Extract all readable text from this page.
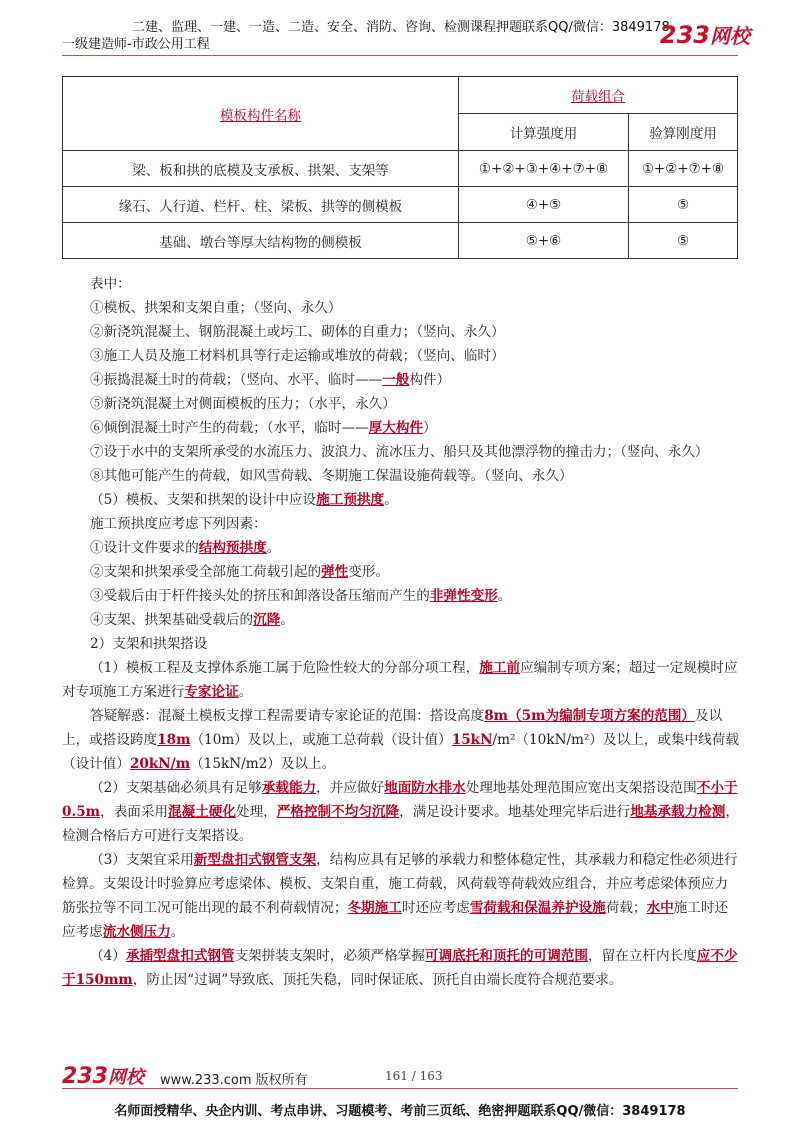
二建、监理、一建、一造、二造、安全、消防、咨询、检测课程押题联系QQ/微信：3849178
一级建造师-市政公用工程	233网校
模板构件名称	荷载组合	
	计算强度用	验算刚度用
梁、板和拱的底模及支承板、拱架、支架等	①+②+③+④+⑦+⑧	①+②+⑦+⑧
缘石、人行道、栏杆、柱、梁板、拱等的侧模板	④+⑤	⑤
基础、墩台等厚大结构物的侧模板	⑤+⑥	⑤

表中：

①模板、拱架和支架自重；（竖向、永久）

②新浇筑混凝土、钢筋混凝土或圬工、砌体的自重力；（竖向、永久）

③施工人员及施工材料机具等行走运输或堆放的荷载；（竖向、临时）

④振捣混凝土时的荷载；（竖向、水平、临时——一般构件）

⑤新浇筑混凝土对侧面模板的压力；（水平，永久）

⑥倾倒混凝土时产生的荷载；（水平，临时——厚大构件）

⑦设于水中的支架所承受的水流压力、波浪力、流冰压力、船只及其他漂浮物的撞击力；（竖向、永久）

⑧其他可能产生的荷载，如风雪荷载、冬期施工保温设施荷载等。（竖向、永久）

（5）模板、支架和拱架的设计中应设施工预拱度。

施工预拱度应考虑下列因素：

①设计文件要求的结构预拱度。

②支架和拱架承受全部施工荷载引起的弹性变形。

③受载后由于杆件接头处的挤压和卸落设备压缩而产生的非弹性变形。

④支架、拱架基础受载后的沉降。

2）支架和拱架搭设

（1）模板工程及支撑体系施工属于危险性较大的分部分项工程，施工前应编制专项方案；超过一定规模时应对专项施工方案进行专家论证。

答疑解惑：混凝土模板支撑工程需要请专家论证的范围：搭设高度8m（5m为编制专项方案的范围）及以上，或搭设跨度18m（10m）及以上，或施工总荷载（设计值）15kN/m²（10kN/m²）及以上，或集中线荷载（设计值）20kN/m（15kN/m2）及以上。

（2）支架基础必须具有足够承载能力，并应做好地面防水排水处理地基处理范围应宽出支架搭设范围不小于0.5m，表面采用混凝土硬化处理，严格控制不均匀沉降，满足设计要求。地基处理完毕后进行地基承载力检测，检测合格后方可进行支架搭设。

（3）支架宜采用新型盘扣式钢管支架，结构应具有足够的承载力和整体稳定性，其承载力和稳定性必须进行检算。支架设计时验算应考虑梁体、模板、支架自重，施工荷载，风荷载等荷载效应组合，并应考虑梁体预应力筋张拉等不同工况可能出现的最不利荷载情况；冬期施工时还应考虑雪荷载和保温养护设施荷载；水中施工时还应考虑流水侧压力。

（4）承插型盘扣式钢管支架拼装支架时，必须严格掌握可调底托和顶托的可调范围，留在立杆内长度应不少于150mm，防止因“过调”导致底、顶托失稳，同时保证底、顶托自由端长度符合规范要求。

233网校 www.233.com 版权所有	161 / 163
名师面授精华、央企内训、考点串讲、习题模考、考前三页纸、绝密押题联系QQ/微信：3849178
